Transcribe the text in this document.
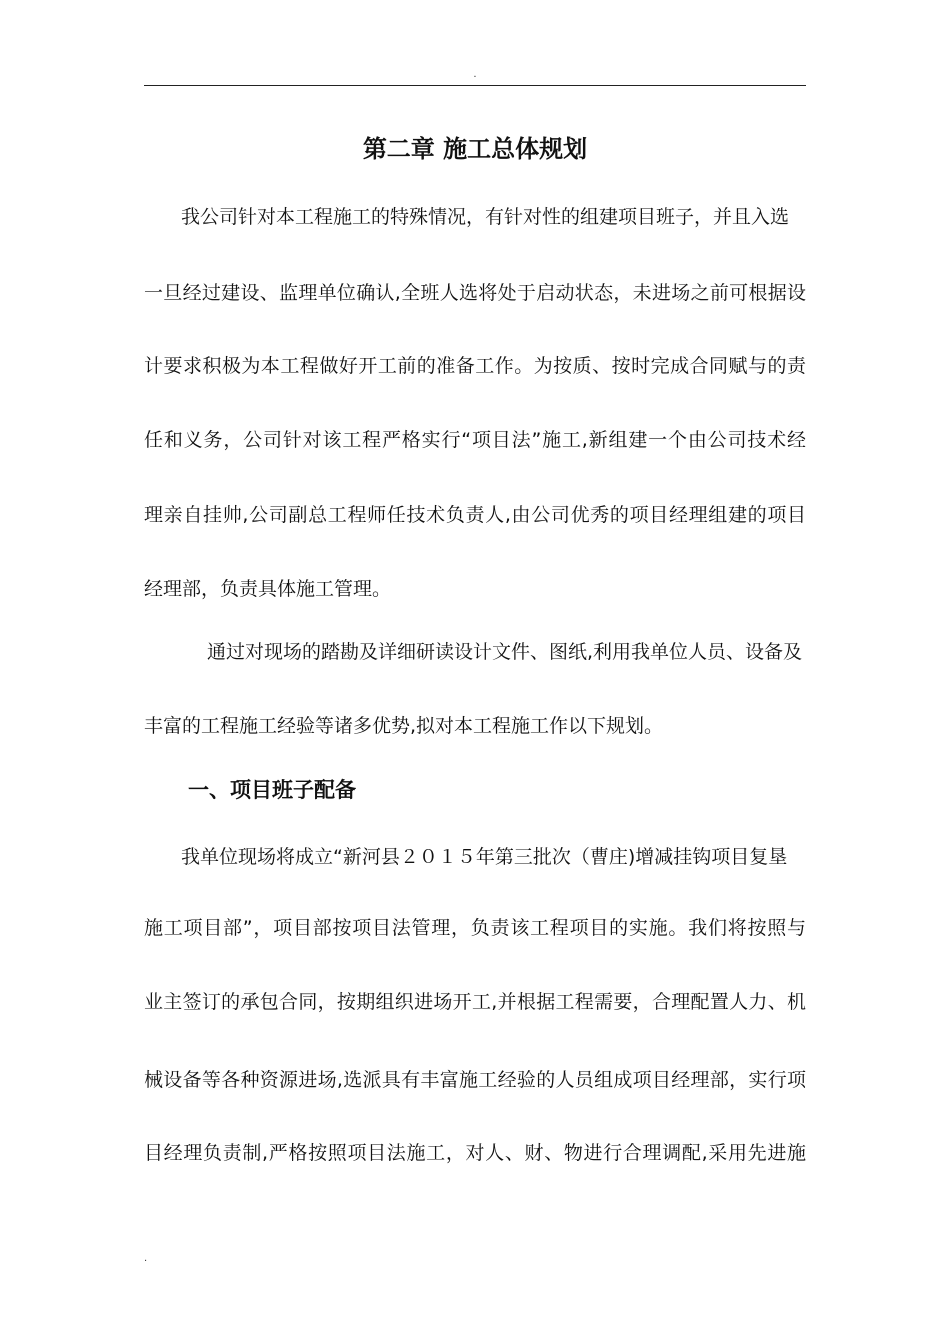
.
第二章 施工总体规划

我公司针对本工程施工的特殊情况，有针对性的组建项目班子，并且入选

一旦经过建设、监理单位确认,全班人选将处于启动状态，未进场之前可根据设

计要求积极为本工程做好开工前的准备工作。为按质、按时完成合同赋与的责

任和义务，公司针对该工程严格实行“项目法”施工,新组建一个由公司技术经

理亲自挂帅,公司副总工程师任技术负责人,由公司优秀的项目经理组建的项目

经理部，负责具体施工管理。

通过对现场的踏勘及详细研读设计文件、图纸,利用我单位人员、设备及

丰富的工程施工经验等诸多优势,拟对本工程施工作以下规划。

一、项目班子配备

我单位现场将成立“新河县２０１５年第三批次（曹庄)增减挂钩项目复垦

施工项目部”，项目部按项目法管理，负责该工程项目的实施。我们将按照与

业主签订的承包合同，按期组织进场开工,并根据工程需要，合理配置人力、机

械设备等各种资源进场,选派具有丰富施工经验的人员组成项目经理部，实行项

目经理负责制,严格按照项目法施工，对人、财、物进行合理调配,采用先进施

.
